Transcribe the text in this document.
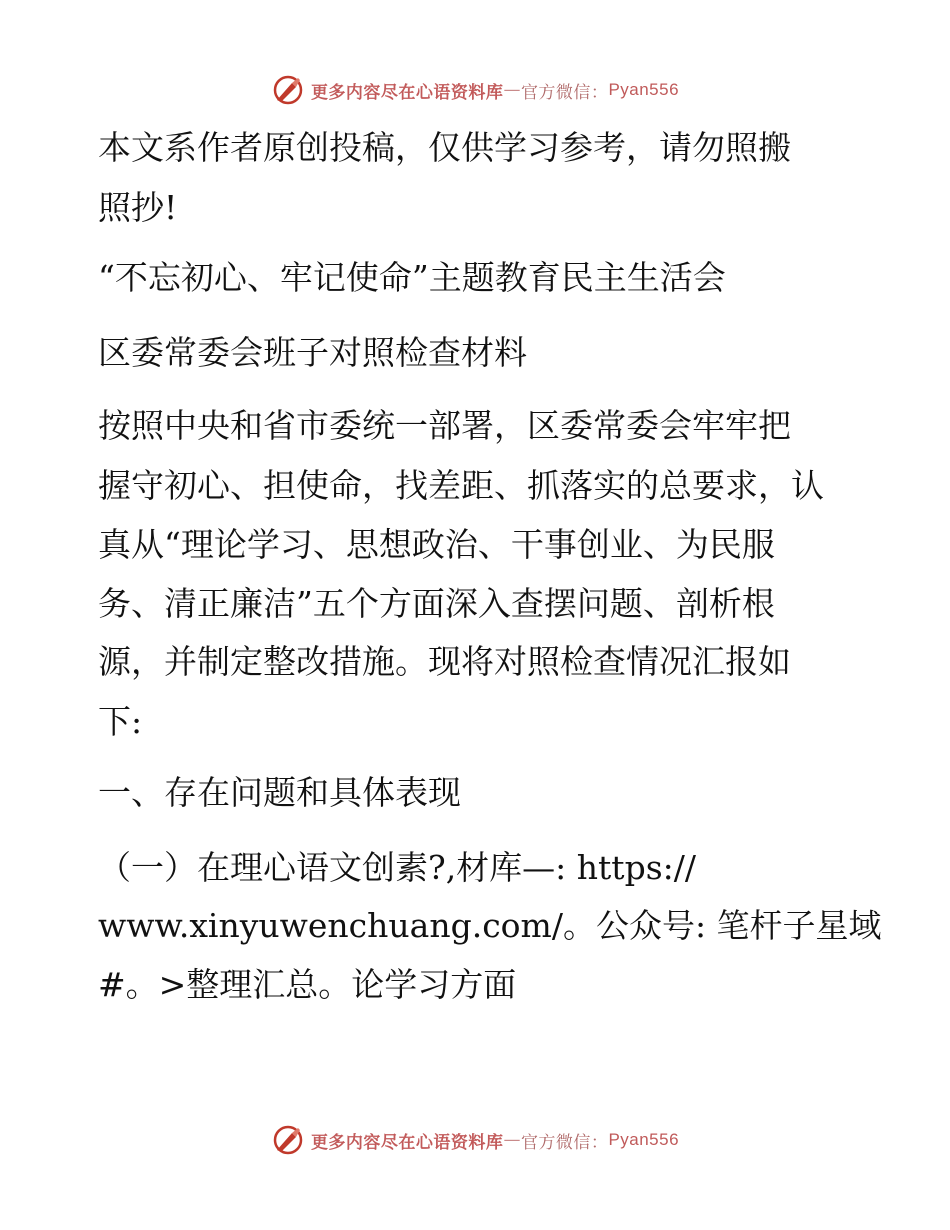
更多内容尽在心语资料库 — 官方微信： Pyan556
本文系作者原创投稿，仅供学习参考，请勿照搬
照抄!
“不忘初心、牢记使命”主题教育民主生活会
区委常委会班子对照检查材料
按照中央和省市委统一部署，区委常委会牢牢把
握守初心、担使命，找差距、抓落实的总要求，认
真从“理论学习、思想政治、干事创业、为民服
务、清正廉洁”五个方面深入查摆问题、剖析根
源，并制定整改措施。现将对照检查情况汇报如
下:
一、存在问题和具体表现
（一）在理心语文创素?,材库—: https://
www.xinyuwenchuang.com/。公众号: 笔杆子星域
#。>整理汇总。论学习方面
更多内容尽在心语资料库 — 官方微信： Pyan556
